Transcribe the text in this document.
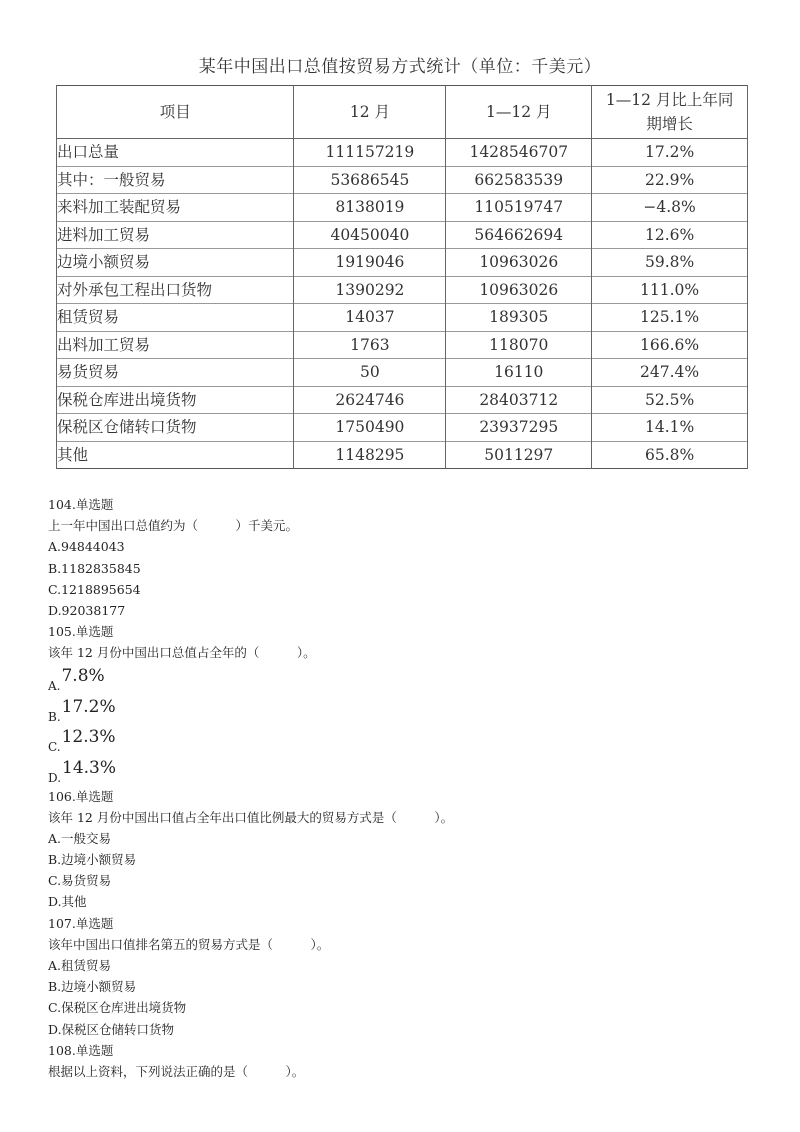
某年中国出口总值按贸易方式统计（单位：千美元）
项目	12 月	1—12 月	1—12 月比上年同
期增长

出口总量	111157219	1428546707	17.2%
其中：一般贸易	53686545	662583539	22.9%
来料加工装配贸易	8138019	110519747	−4.8%
进料加工贸易	40450040	564662694	12.6%
边境小额贸易	1919046	10963026	59.8%
对外承包工程出口货物	1390292	10963026	111.0%
租赁贸易	14037	189305	125.1%
出料加工贸易	1763	118070	166.6%
易货贸易	50	16110	247.4%
保税仓库进出境货物	2624746	28403712	52.5%
保税区仓储转口货物	1750490	23937295	14.1%
其他	1148295	5011297	65.8%
104.单选题
上一年中国出口总值约为（　　　）千美元。
A.94844043
B.1182835845
C.1218895654
D.92038177
105.单选题
该年 12 月份中国出口总值占全年的（　　　）。
A. 7.8%
B. 17.2%
C. 12.3%
D. 14.3%
106.单选题
该年 12 月份中国出口值占全年出口值比例最大的贸易方式是（　　　）。
A.一般交易
B.边境小额贸易
C.易货贸易
D.其他
107.单选题
该年中国出口值排名第五的贸易方式是（　　　）。
A.租赁贸易
B.边境小额贸易
C.保税区仓库进出境货物
D.保税区仓储转口货物
108.单选题
根据以上资料，下列说法正确的是（　　　）。
